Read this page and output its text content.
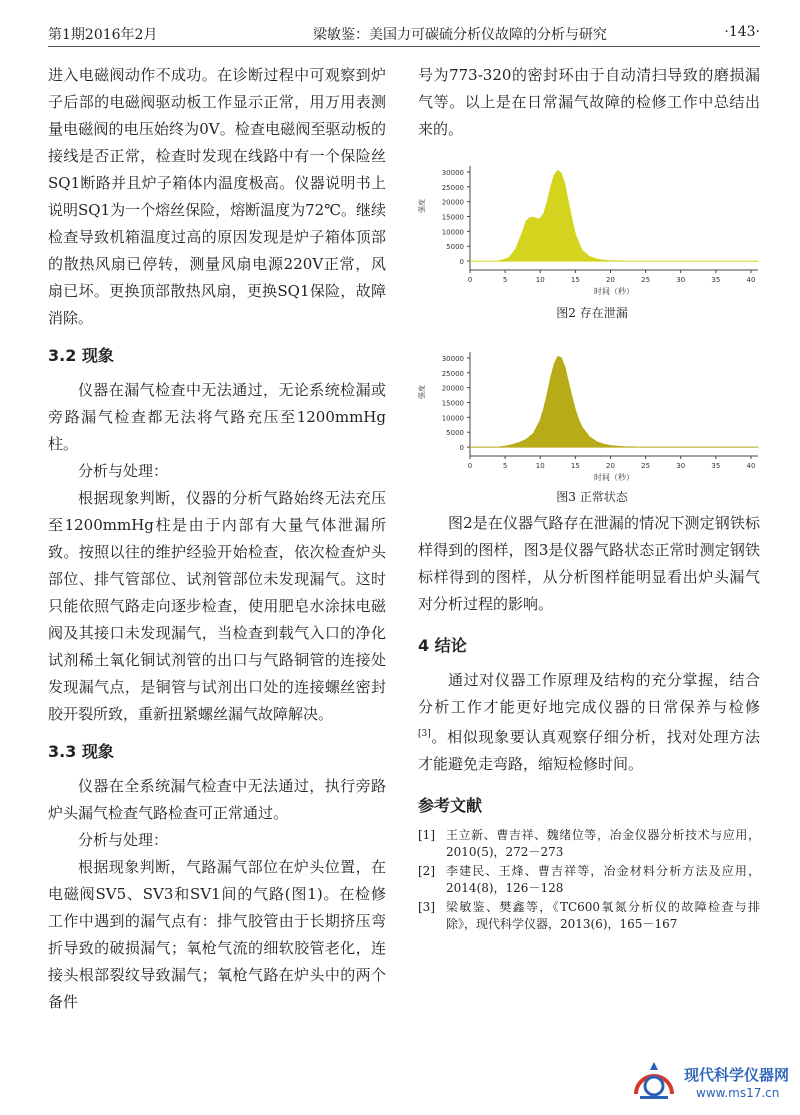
第1期2016年2月	梁敏鉴：美国力可碳硫分析仪故障的分析与研究	·143·

进入电磁阀动作不成功。在诊断过程中可观察到炉子后部的电磁阀驱动板工作显示正常，用万用表测量电磁阀的电压始终为0V。检查电磁阀至驱动板的接线是否正常，检查时发现在线路中有一个保险丝SQ1断路并且炉子箱体内温度极高。仪器说明书上说明SQ1为一个熔丝保险，熔断温度为72℃。继续检查导致机箱温度过高的原因发现是炉子箱体顶部的散热风扇已停转，测量风扇电源220V正常，风扇已坏。更换顶部散热风扇，更换SQ1保险，故障消除。

3.2 现象

仪器在漏气检查中无法通过，无论系统检漏或旁路漏气检查都无法将气路充压至1200mmHg柱。

分析与处理：

根据现象判断，仪器的分析气路始终无法充压至1200mmHg柱是由于内部有大量气体泄漏所致。按照以往的维护经验开始检查，依次检查炉头部位、排气管部位、试剂管部位未发现漏气。这时只能依照气路走向逐步检查，使用肥皂水涂抹电磁阀及其接口未发现漏气，当检查到载气入口的净化试剂稀土氧化铜试剂管的出口与气路铜管的连接处发现漏气点，是铜管与试剂出口处的连接螺丝密封胶开裂所致，重新扭紧螺丝漏气故障解决。

3.3 现象

仪器在全系统漏气检查中无法通过，执行旁路炉头漏气检查气路检查可正常通过。

分析与处理：

根据现象判断，气路漏气部位在炉头位置，在电磁阀SV5、SV3和SV1间的气路(图1)。在检修工作中遇到的漏气点有：排气胶管由于长期挤压弯折导致的破损漏气；氧枪气流的细软胶管老化，连接头根部裂纹导致漏气；氧枪气路在炉头中的两个备件

号为773-320的密封环由于自动清扫导致的磨损漏气等。以上是在日常漏气故障的检修工作中总结出来的。

0
5000
10000
15000
20000
25000
30000
0	5	10	15	20	25	30	35	40
强度
时间（秒）
图2 存在泄漏
0
5000
10000
15000
20000
25000
30000
0	5	10	15	20	25	30	35	40
强度
时间（秒）
图3 正常状态

图2是在仪器气路存在泄漏的情况下测定钢铁标样得到的图样，图3是仪器气路状态正常时测定钢铁标样得到的图样，从分析图样能明显看出炉头漏气对分析过程的影响。

4 结论

通过对仪器工作原理及结构的充分掌握，结合分析工作才能更好地完成仪器的日常保养与检修[3]。相似现象要认真观察仔细分析，找对处理方法才能避免走弯路，缩短检修时间。

参考文献

[1] 王立新、曹吉祥、魏绪位等，冶金仪器分析技术与应用，2010(5)，272－273
[2] 李建民、王烽、曹吉祥等，冶金材料分析方法及应用，2014(8)，126－128
[3] 梁敏鉴、樊鑫等，《TC600氧氮分析仪的故障检查与排除》，现代科学仪器，2013(6)，165－167
现代科学仪器网
www.ms17.cn
